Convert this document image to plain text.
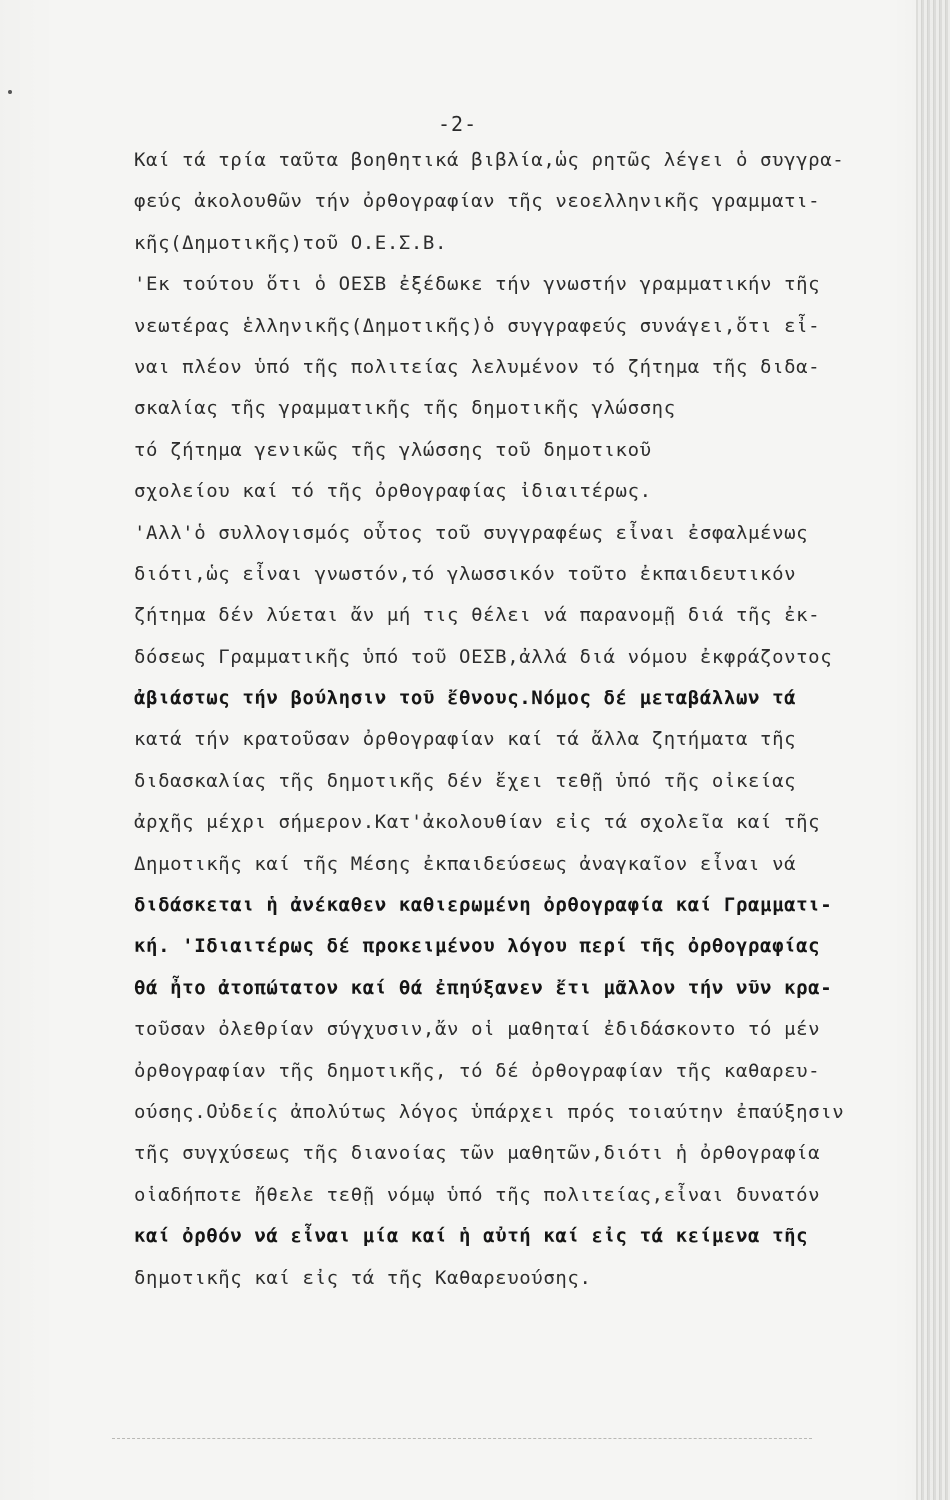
-2-
Καί τά τρία ταῦτα βοηθητικά βιβλία,ὡς ρητῶς λέγει ὁ συγγρα-
φεύς ἀκολουθῶν τήν ὀρθογραφίαν τῆς νεοελληνικῆς γραμματι-
κῆς(Δημοτικῆς)τοῦ Ο.Ε.Σ.Β.
'Εκ τούτου ὅτι ὁ ΟΕΣΒ ἐξέδωκε τήν γνωστήν γραμματικήν τῆς
νεωτέρας ἑλληνικῆς(Δημοτικῆς)ὁ συγγραφεύς συνάγει,ὅτι εἶ-
ναι πλέον ὑπό τῆς πολιτείας λελυμένον τό ζήτημα τῆς διδα-
σκαλίας τῆς γραμματικῆς τῆς δημοτικῆς γλώσσης
τό ζήτημα γενικῶς τῆς γλώσσης τοῦ δημοτικοῦ
σχολείου καί τό τῆς ὀρθογραφίας ἰδιαιτέρως.
'Αλλ'ὁ συλλογισμός οὗτος τοῦ συγγραφέως εἶναι ἐσφαλμένως
διότι,ὡς εἶναι γνωστόν,τό γλωσσικόν τοῦτο ἐκπαιδευτικόν
ζήτημα δέν λύεται ἄν μή τις θέλει νά παρανομῇ διά τῆς ἐκ-
δόσεως Γραμματικῆς ὑπό τοῦ ΟΕΣΒ,ἀλλά διά νόμου ἐκφράζοντος
ἀβιάστως τήν βούλησιν τοῦ ἔθνους.Νόμος δέ μεταβάλλων τά
κατά τήν κρατοῦσαν ὀρθογραφίαν καί τά ἄλλα ζητήματα τῆς
διδασκαλίας τῆς δημοτικῆς δέν ἔχει τεθῇ ὑπό τῆς οἰκείας
ἀρχῆς μέχρι σήμερον.Κατ'ἀκολουθίαν εἰς τά σχολεῖα καί τῆς
Δημοτικῆς καί τῆς Μέσης ἐκπαιδεύσεως ἀναγκαῖον εἶναι νά
διδάσκεται ἡ ἀνέκαθεν καθιερωμένη ὀρθογραφία καί Γραμματι-
κή. 'Ιδιαιτέρως δέ προκειμένου λόγου περί τῆς ὀρθογραφίας
θά ἦτο ἀτοπώτατον καί θά ἐπηύξανεν ἔτι μᾶλλον τήν νῦν κρα-
τοῦσαν ὀλεθρίαν σύγχυσιν,ἄν οἱ μαθηταί ἐδιδάσκοντο τό μέν
ὀρθογραφίαν τῆς δημοτικῆς, τό δέ ὀρθογραφίαν τῆς καθαρευ-
ούσης.Οὐδείς ἀπολύτως λόγος ὑπάρχει πρός τοιαύτην ἐπαύξησιν
τῆς συγχύσεως τῆς διανοίας τῶν μαθητῶν,διότι ἡ ὀρθογραφία
οἱαδήποτε ἤθελε τεθῇ νόμῳ ὑπό τῆς πολιτείας,εἶναι δυνατόν
καί ὀρθόν νά εἶναι μία καί ἡ αὐτή καί εἰς τά κείμενα τῆς
δημοτικῆς καί εἰς τά τῆς Καθαρευούσης.
